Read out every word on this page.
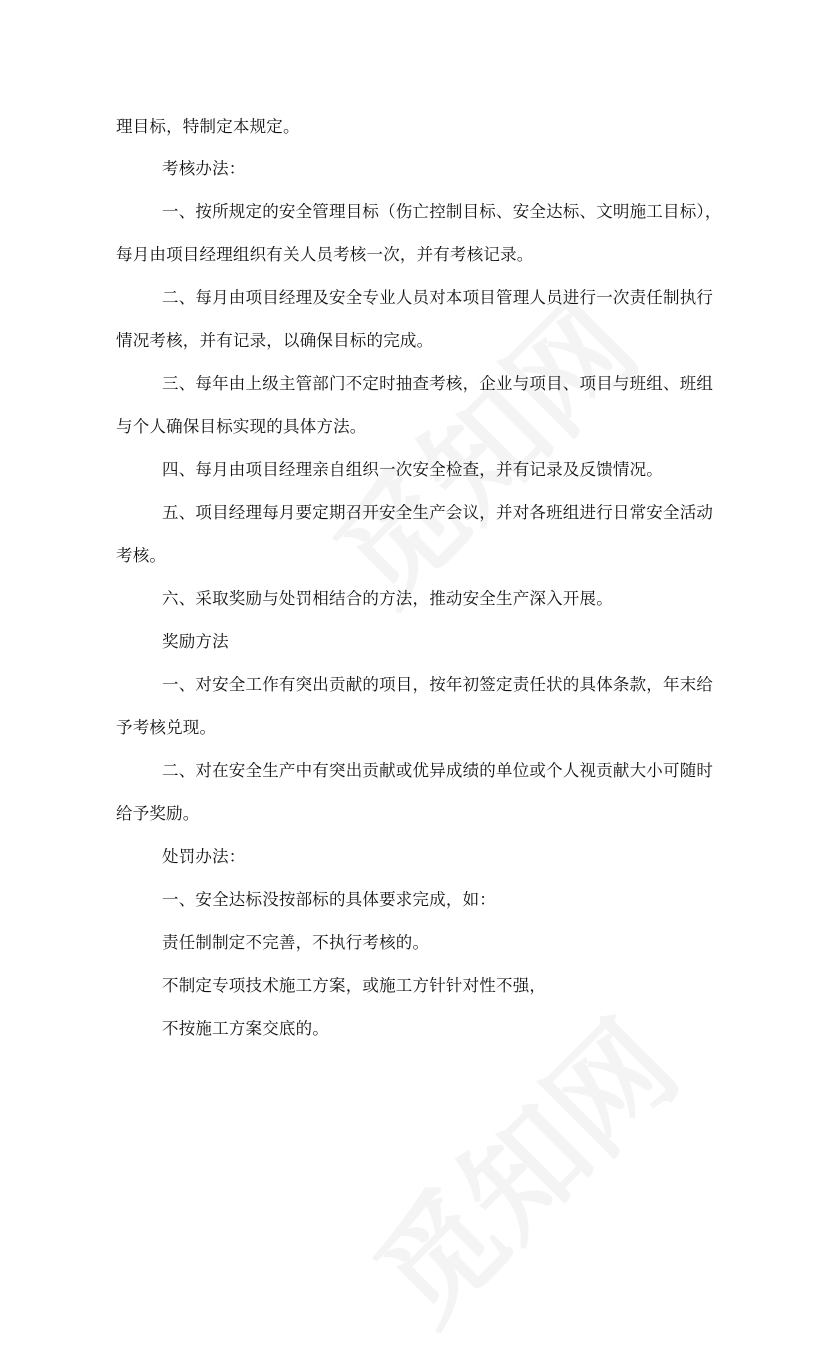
理目标，特制定本规定。
考核办法：
一、按所规定的安全管理目标（伤亡控制目标、安全达标、文明施工目标），
每月由项目经理组织有关人员考核一次，并有考核记录。
二、每月由项目经理及安全专业人员对本项目管理人员进行一次责任制执行
情况考核，并有记录，以确保目标的完成。
三、每年由上级主管部门不定时抽查考核，企业与项目、项目与班组、班组
与个人确保目标实现的具体方法。
四、每月由项目经理亲自组织一次安全检查，并有记录及反馈情况。
五、项目经理每月要定期召开安全生产会议，并对各班组进行日常安全活动
考核。
六、采取奖励与处罚相结合的方法，推动安全生产深入开展。
奖励方法
一、对安全工作有突出贡献的项目，按年初签定责任状的具体条款，年末给
予考核兑现。
二、对在安全生产中有突出贡献或优异成绩的单位或个人视贡献大小可随时
给予奖励。
处罚办法：
一、安全达标没按部标的具体要求完成，如：
责任制制定不完善，不执行考核的。
不制定专项技术施工方案，或施工方针针对性不强，
不按施工方案交底的。
